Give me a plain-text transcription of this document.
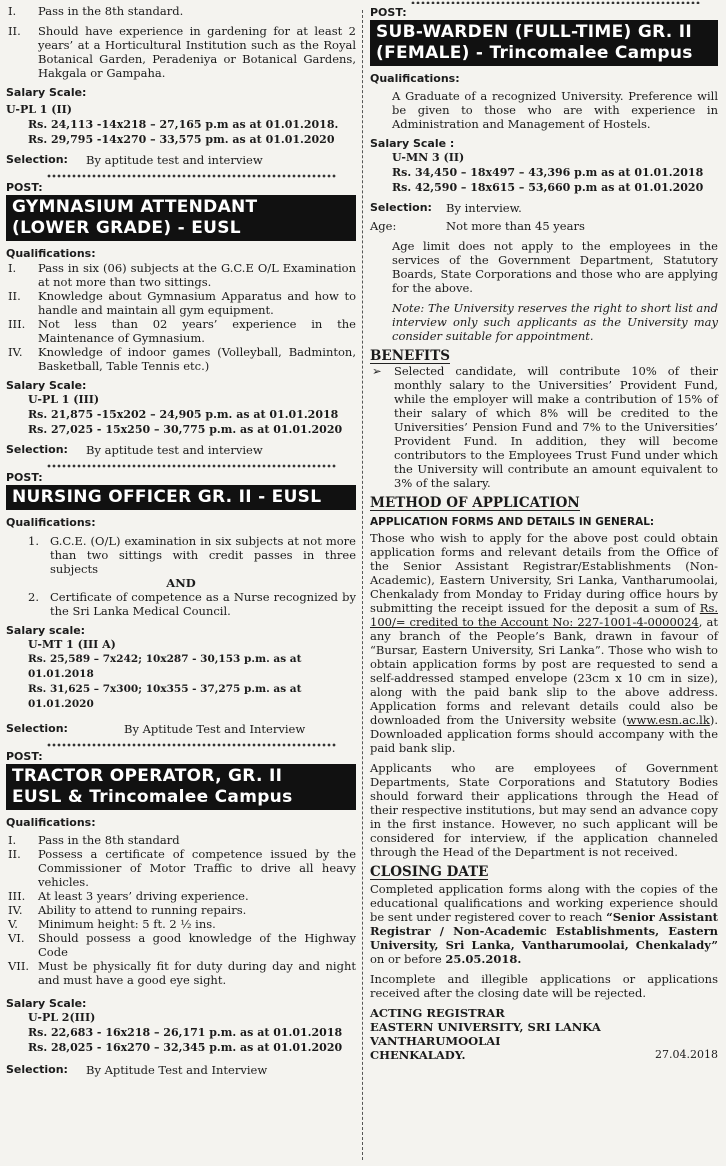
I.	Pass in the 8th standard.
II.	Should have experience in gardening for at least 2 years’ at a Horticultural Institution such as the Royal Botanical Garden, Peradeniya or Botanical Gardens, Hakgala or Gampaha.
Salary Scale:
U-PL 1 (II)
Rs. 24,113 -14x218 – 27,165 p.m as at 01.01.2018.
Rs. 29,795 -14x270 – 33,575 pm. as at 01.01.2020
Selection:	By aptitude test and interview
POST:
GYMNASIUM ATTENDANT
(LOWER GRADE) - EUSL
Qualifications:
I.	Pass in six (06) subjects at the G.C.E O/L Examination at not more than two sittings.
II.	Knowledge about Gymnasium Apparatus and how to handle and maintain all gym equipment.
III.	Not less than 02 years’ experience in the Maintenance of Gymnasium.
IV.	Knowledge of indoor games (Volleyball, Badminton, Basketball, Table Tennis etc.)
Salary Scale:
U-PL 1 (III)
Rs. 21,875 -15x202 – 24,905 p.m. as at 01.01.2018
Rs. 27,025 - 15x250 – 30,775 p.m. as at 01.01.2020
Selection:	By aptitude test and interview
POST:
NURSING OFFICER GR. II - EUSL
Qualifications:
1. G.C.E. (O/L) examination in six subjects at not more than two sittings with credit passes in three subjects
AND
2. Certificate of competence as a Nurse recognized by the Sri Lanka Medical Council.
Salary scale:
U-MT 1 (III A)
Rs. 25,589 – 7x242; 10x287 - 30,153 p.m. as at 01.01.2018
Rs. 31,625 – 7x300; 10x355 - 37,275 p.m. as at 01.01.2020
Selection:	By Aptitude Test and Interview
POST:
TRACTOR OPERATOR, GR. II
EUSL & Trincomalee Campus
Qualifications:
I.	Pass in the 8th standard
II.	Possess a certificate of competence issued by the Commissioner of Motor Traffic to drive all heavy vehicles.
III.	At least 3 years’ driving experience.
IV.	Ability to attend to running repairs.
V.	Minimum height: 5 ft. 2 ½ ins.
VI.	Should possess a good knowledge of the Highway Code
VII. Must be physically fit for duty during day and night and must have a good eye sight.
Salary Scale:
U-PL 2(III)
Rs. 22,683 - 16x218 – 26,171 p.m. as at 01.01.2018
Rs. 28,025 - 16x270 – 32,345 p.m. as at 01.01.2020
Selection:	By Aptitude Test and Interview
POST:
SUB-WARDEN (FULL-TIME) GR. II
(FEMALE) - Trincomalee Campus
Qualifications:
A Graduate of a recognized University. Preference will be given to those who are with experience in Administration and Management of Hostels.
Salary Scale :
U-MN 3 (II)
Rs. 34,450 – 18x497 – 43,396 p.m as at 01.01.2018
Rs. 42,590 – 18x615 – 53,660 p.m as at 01.01.2020
Selection:	By interview.
Age:	Not more than 45 years
Age limit does not apply to the employees in the services of the Government Department, Statutory Boards, State Corporations and those who are applying for the above.
Note: The University reserves the right to short list and interview only such applicants as the University may consider suitable for appointment.
BENEFITS
➢	Selected candidate, will contribute 10% of their monthly salary to the Universities’ Provident Fund, while the employer will make a contribution of 15% of their salary of which 8% will be credited to the Universities’ Pension Fund and 7% to the Universities’ Provident Fund. In addition, they will become contributors to the Employees Trust Fund under which the University will contribute an amount equivalent to 3% of the salary.
METHOD OF APPLICATION
APPLICATION FORMS AND DETAILS IN GENERAL:
Those who wish to apply for the above post could obtain application forms and relevant details from the Office of the Senior Assistant Registrar/Establishments (Non-Academic), Eastern University, Sri Lanka, Vantharumoolai, Chenkalady from Monday to Friday during office hours by submitting the receipt issued for the deposit a sum of Rs. 100/= credited to the Account No: 227-1001-4-0000024, at any branch of the People’s Bank, drawn in favour of “Bursar, Eastern University, Sri Lanka”. Those who wish to obtain application forms by post are requested to send a self-addressed stamped envelope (23cm x 10 cm in size), along with the paid bank slip to the above address. Application forms and relevant details could also be downloaded from the University website (www.esn.ac.lk). Downloaded application forms should accompany with the paid bank slip.
Applicants who are employees of Government Departments, State Corporations and Statutory Bodies should forward their applications through the Head of their respective institutions, but may send an advance copy in the first instance. However, no such applicant will be considered for interview, if the application channeled through the Head of the Department is not received.
CLOSING DATE
Completed application forms along with the copies of the educational qualifications and working experience should be sent under registered cover to reach “Senior Assistant Registrar / Non-Academic Establishments, Eastern University, Sri Lanka, Vantharumoolai, Chenkalady” on or before 25.05.2018.
Incomplete and illegible applications or applications received after the closing date will be rejected.
ACTING REGISTRAR
EASTERN UNIVERSITY, SRI LANKA
VANTHARUMOOLAI
CHENKALADY.	27.04.2018
